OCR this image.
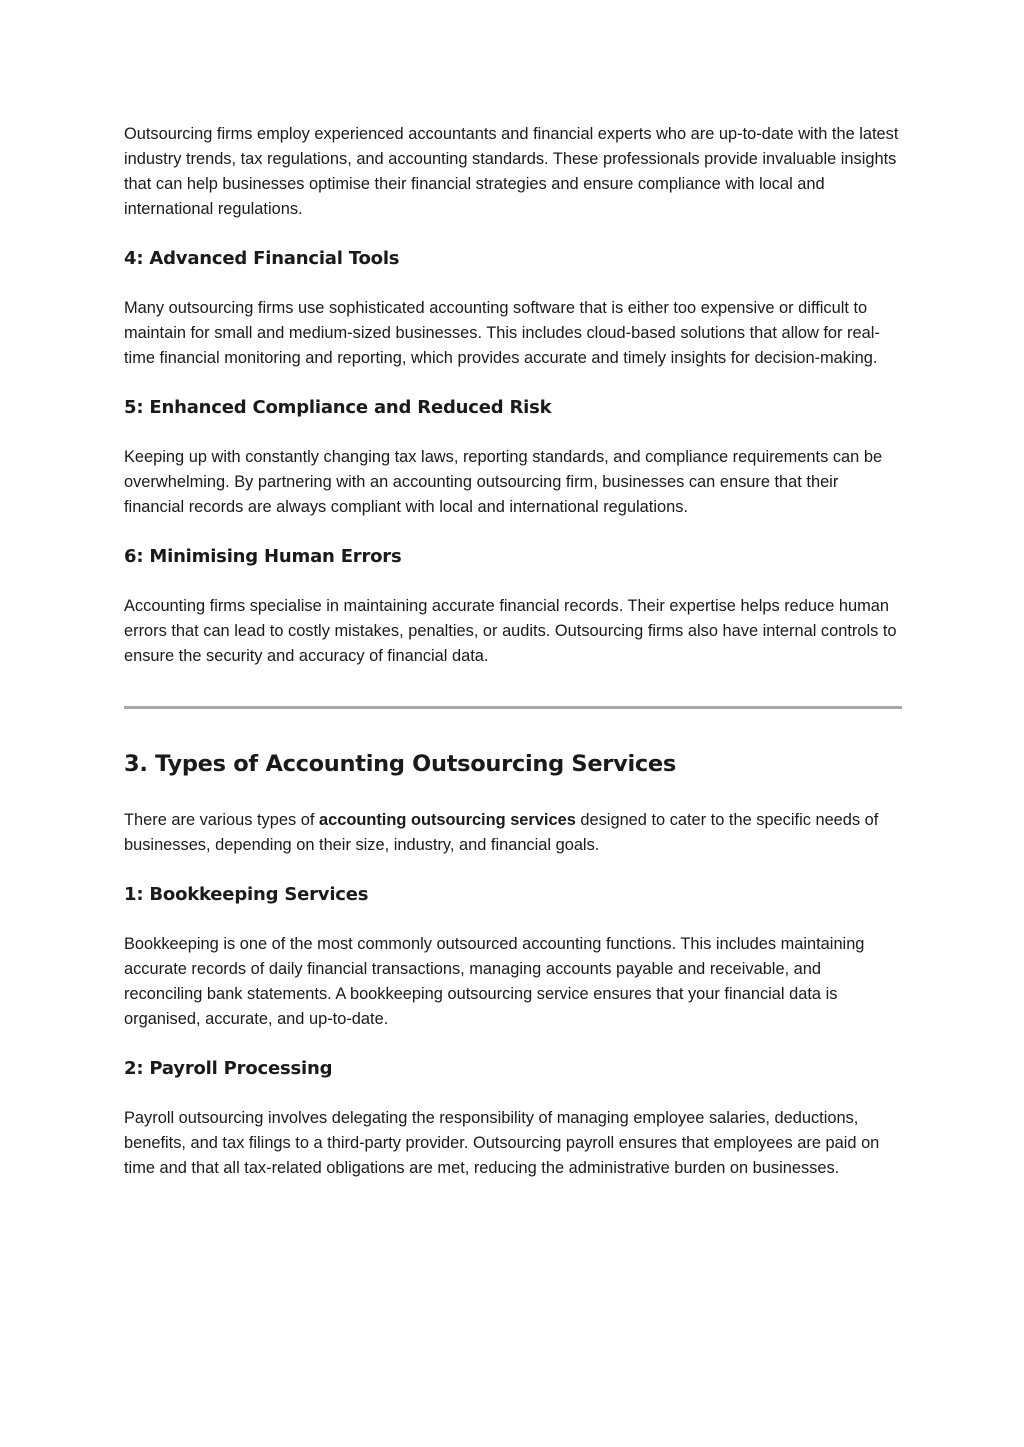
Outsourcing firms employ experienced accountants and financial experts who are up-to-date with the latest industry trends, tax regulations, and accounting standards. These professionals provide invaluable insights that can help businesses optimise their financial strategies and ensure compliance with local and international regulations.

4: Advanced Financial Tools

Many outsourcing firms use sophisticated accounting software that is either too expensive or difficult to maintain for small and medium-sized businesses. This includes cloud-based solutions that allow for real-time financial monitoring and reporting, which provides accurate and timely insights for decision-making.

5: Enhanced Compliance and Reduced Risk

Keeping up with constantly changing tax laws, reporting standards, and compliance requirements can be overwhelming. By partnering with an accounting outsourcing firm, businesses can ensure that their financial records are always compliant with local and international regulations.

6: Minimising Human Errors

Accounting firms specialise in maintaining accurate financial records. Their expertise helps reduce human errors that can lead to costly mistakes, penalties, or audits. Outsourcing firms also have internal controls to ensure the security and accuracy of financial data.

3. Types of Accounting Outsourcing Services

There are various types of accounting outsourcing services designed to cater to the specific needs of businesses, depending on their size, industry, and financial goals.

1: Bookkeeping Services

Bookkeeping is one of the most commonly outsourced accounting functions. This includes maintaining accurate records of daily financial transactions, managing accounts payable and receivable, and reconciling bank statements. A bookkeeping outsourcing service ensures that your financial data is organised, accurate, and up-to-date.

2: Payroll Processing

Payroll outsourcing involves delegating the responsibility of managing employee salaries, deductions, benefits, and tax filings to a third-party provider. Outsourcing payroll ensures that employees are paid on time and that all tax-related obligations are met, reducing the administrative burden on businesses.
